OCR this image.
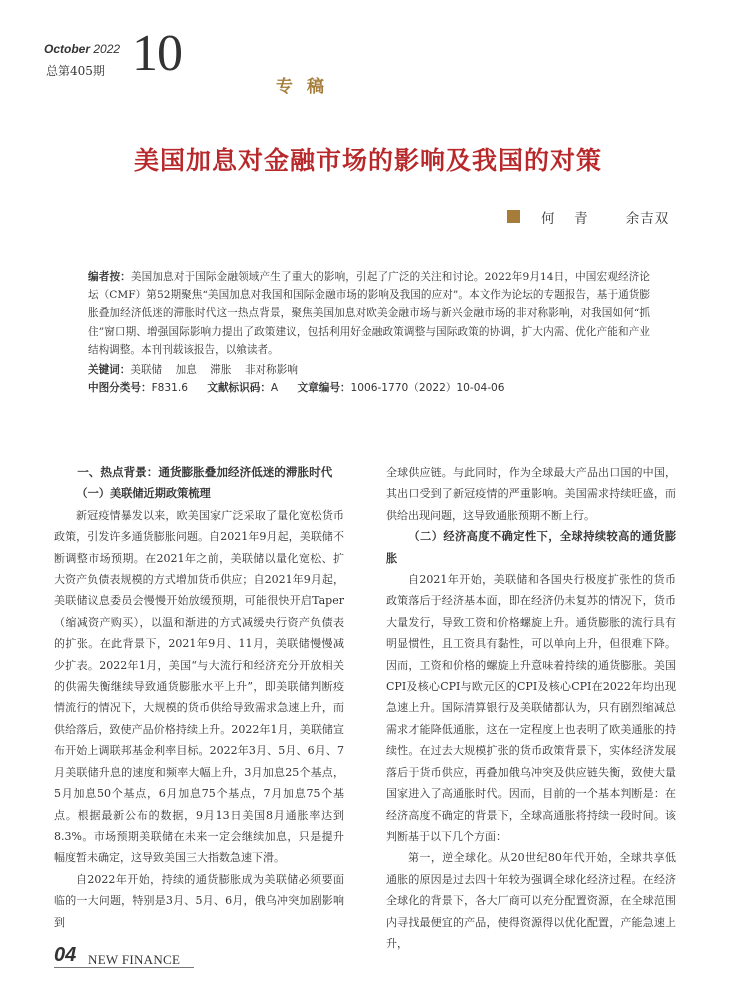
October 2022
总第405期 10
专稿
美国加息对金融市场的影响及我国的对策
何  青    余吉双
编者按：美国加息对于国际金融领域产生了重大的影响，引起了广泛的关注和讨论。2022年9月14日，中国宏观经济论坛（CMF）第52期聚焦“美国加息对我国和国际金融市场的影响及我国的应对”。本文作为论坛的专题报告，基于通货膨胀叠加经济低迷的滞胀时代这一热点背景，聚焦美国加息对欧美金融市场与新兴金融市场的非对称影响，对我国如何“抓住”窗口期、增强国际影响力提出了政策建议，包括利用好金融政策调整与国际政策的协调，扩大内需、优化产能和产业结构调整。本刊刊载该报告，以飨读者。
关键词：美联储    加息    滞胀    非对称影响
中图分类号：F831.6 文献标识码：A 文章编号：1006-1770（2022）10-04-06

一、热点背景：通货膨胀叠加经济低迷的滞胀时代

（一）美联储近期政策梳理

新冠疫情暴发以来，欧美国家广泛采取了量化宽松货币政策，引发许多通货膨胀问题。自2021年9月起，美联储不断调整市场预期。在2021年之前，美联储以量化宽松、扩大资产负债表规模的方式增加货币供应；自2021年9月起，美联储议息委员会慢慢开始放缓预期，可能很快开启Taper（缩减资产购买），以温和渐进的方式减缓央行资产负债表的扩张。在此背景下，2021年9月、11月，美联储慢慢减少扩表。2022年1月，美国“与大流行和经济充分开放相关的供需失衡继续导致通货膨胀水平上升”，即美联储判断疫情流行的情况下，大规模的货币供给导致需求急速上升，而供给落后，致使产品价格持续上升。2022年1月，美联储宣布开始上调联邦基金利率目标。2022年3月、5月、6月、7月美联储升息的速度和频率大幅上升，3月加息25个基点，5月加息50个基点，6月加息75个基点，7月加息75个基点。根据最新公布的数据，9月13日美国8月通胀率达到8.3%。市场预期美联储在未来一定会继续加息，只是提升幅度暂未确定，这导致美国三大指数急速下滑。

自2022年开始，持续的通货膨胀成为美联储必须要面临的一大问题，特别是3月、5月、6月，俄乌冲突加剧影响到

全球供应链。与此同时，作为全球最大产品出口国的中国，其出口受到了新冠疫情的严重影响。美国需求持续旺盛，而供给出现问题，这导致通胀预期不断上行。

（二）经济高度不确定性下，全球持续较高的通货膨胀

自2021年开始，美联储和各国央行极度扩张性的货币政策落后于经济基本面，即在经济仍未复苏的情况下，货币大量发行，导致工资和价格螺旋上升。通货膨胀的流行具有明显惯性，且工资具有黏性，可以单向上升，但很难下降。因而，工资和价格的螺旋上升意味着持续的通货膨胀。美国CPI及核心CPI与欧元区的CPI及核心CPI在2022年均出现急速上升。国际清算银行及美联储都认为，只有剧烈缩减总需求才能降低通胀，这在一定程度上也表明了欧美通胀的持续性。在过去大规模扩张的货币政策背景下，实体经济发展落后于货币供应，再叠加俄乌冲突及供应链失衡，致使大量国家进入了高通胀时代。因而，目前的一个基本判断是：在经济高度不确定的背景下，全球高通胀将持续一段时间。该判断基于以下几个方面：

第一，逆全球化。从20世纪80年代开始，全球共享低通胀的原因是过去四十年较为强调全球化经济过程。在经济全球化的背景下，各大厂商可以充分配置资源，在全球范围内寻找最便宜的产品，使得资源得以优化配置，产能急速上升，

04 NEW FINANCE
